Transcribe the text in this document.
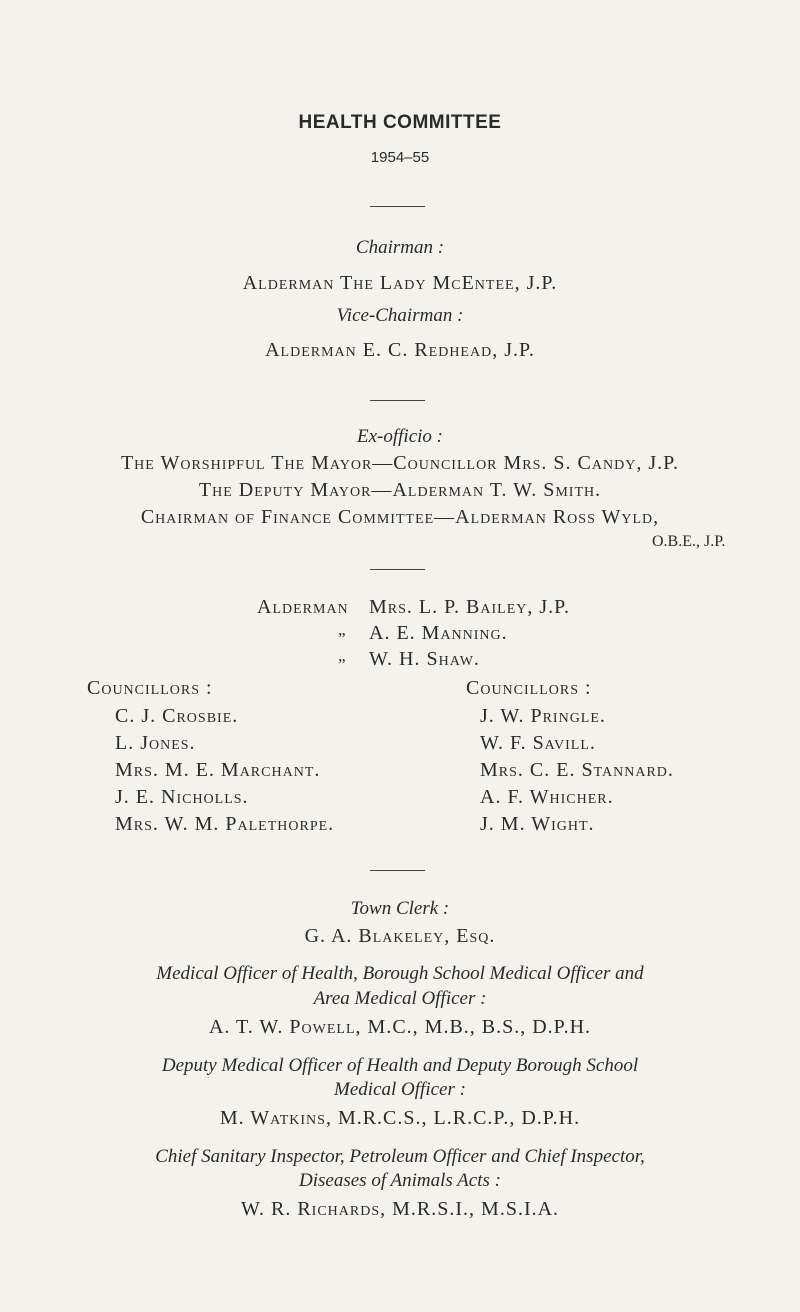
HEALTH COMMITTEE
1954–55
Chairman :
Alderman The Lady McEntee, J.P.
Vice-Chairman :
Alderman E. C. Redhead, J.P.
Ex-officio :
The Worshipful The Mayor—Councillor Mrs. S. Candy, J.P.
The Deputy Mayor—Alderman T. W. Smith.
Chairman of Finance Committee—Alderman Ross Wyld,
O.B.E., J.P.
Alderman Mrs. L. P. Bailey, J.P.
„ A. E. Manning.
„ W. H. Shaw.
Councillors :
C. J. Crosbie.
L. Jones.
Mrs. M. E. Marchant.
J. E. Nicholls.
Mrs. W. M. Palethorpe.
Councillors :
J. W. Pringle.
W. F. Savill.
Mrs. C. E. Stannard.
A. F. Whicher.
J. M. Wight.
Town Clerk :
G. A. Blakeley, Esq.
Medical Officer of Health, Borough School Medical Officer and
Area Medical Officer :
A. T. W. Powell, M.C., M.B., B.S., D.P.H.
Deputy Medical Officer of Health and Deputy Borough School
Medical Officer :
M. Watkins, M.R.C.S., L.R.C.P., D.P.H.
Chief Sanitary Inspector, Petroleum Officer and Chief Inspector,
Diseases of Animals Acts :
W. R. Richards, M.R.S.I., M.S.I.A.
